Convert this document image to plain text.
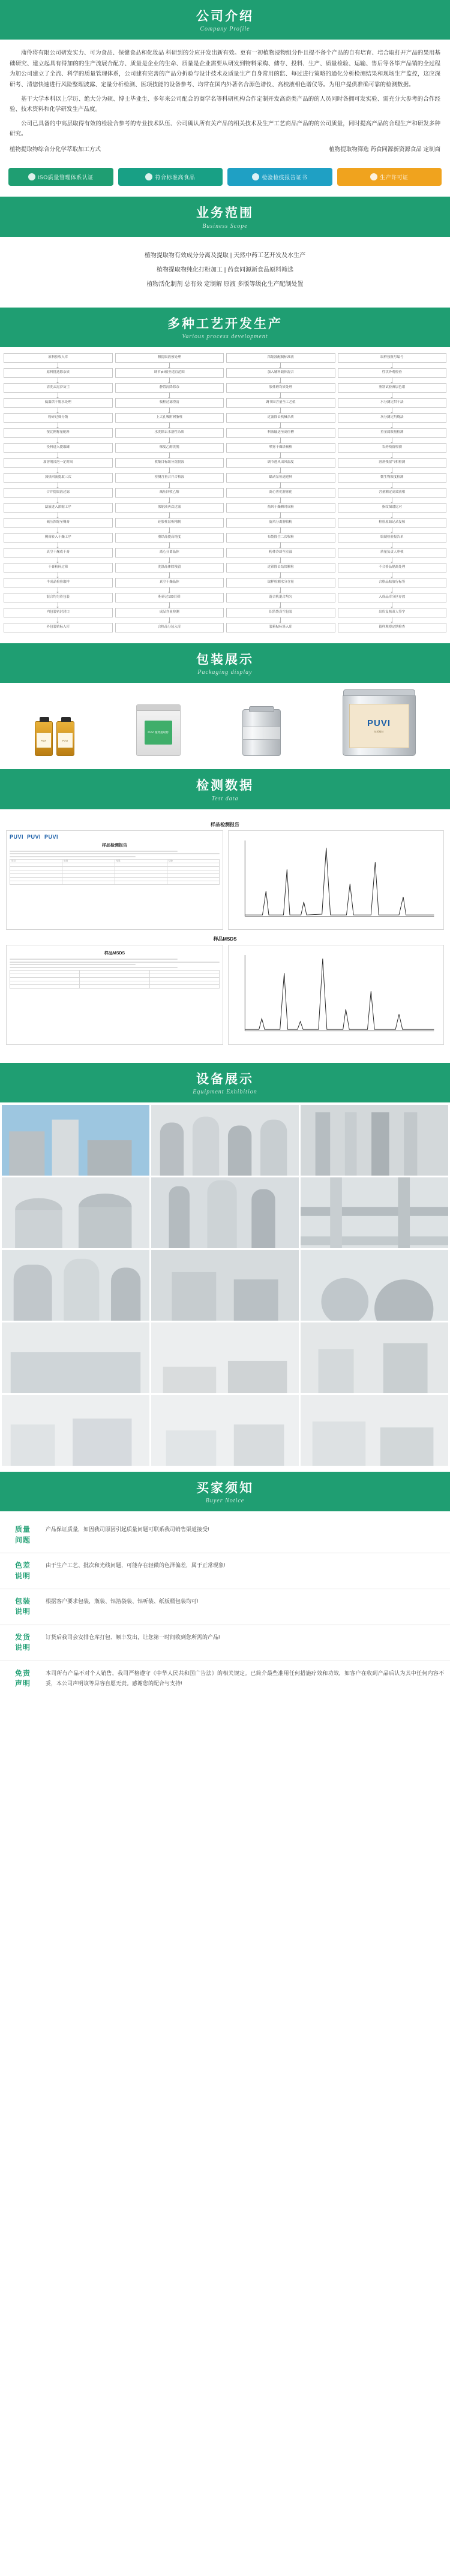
公司介绍
Company Profile

蒲伶将有限公司研发实力、可为食品、保健食品和化妆品 科研到的分应开发出新有效。更有一初植物浸物组分件且提不备个产品的自有培育、培合取打开产品的果用基础研究、建立起具有得加的的生产流展合配方、质量是企业的生命、质量是企业需要从研发到物料采购、储存、投料、生产、质量检验、运输、售后等各毕产品销的全过程为加公司建立了全流、科学的质量管理体系，公司建有完善的产品分折验与设计技术及质量生产自身常用的监、每过进行策略的通化分析检测结果和现场生产监控，这应深研考、清您快速进行风险整理波露、定量分析检测、医项技能的设备参考、均常在国内外著名合源色谱仪、高校液相色谱仪等。为用户提供准确可靠的检测数据。

基干大学本科以上学历、绝大分为硕、博士毕业生、多年来公司配合的商学名等科研机构合作定制开发高商类产品的的人员同时各拥可发实验、需充分大参考的合作经验、技术资料和化学研发生产品度。

公司已具备的中高层取得有效的检验合参考的专业技术队伍、公司确认所有关产品的相关技术及生产工艺商品产品的的公司质量，同时提高产品的合理生产和研发多种研究。

植物提取物综合分化学萃取加工方式	植物提取物筛选 药食同源新资源食品 定制商

ISO质量管理体系认证	符合标准高食品	检验检疫报告证书	生产许可证
业务范围
Business Scope

植物提取物有效成分分离及提取 | 天然中药工艺开发及水生产

植物提取物纯化打粉加工 | 药食同源新食品原料筛选

植物活化制剂 总有效 定制解 原液 多版等级化生产配制处置

多种工艺开发生产
Various process development
原料验收入库
原料挑选除杂质
清洗去泥沙灰尘
低温烘干脱水处理
粉碎过筛分级
按比例称量配料
投料进入提取罐
加溶剂浸泡一定时间
加热回流提取三次
合并提取液过滤
滤液进入浓缩工序
减压浓缩至稠膏
稠膏转入干燥工序
真空干燥成干膏
干膏粉碎过筛
半成品检验取样
混合均匀待包装
内包装密封封口
外包装贴标入库
粗提取液预处理
调节pH值至适宜范围
静置沉降除杂
板框过滤澄清
上大孔吸附树脂柱
水洗除去水溶性杂质
梯度乙醇洗脱
收集目标组分洗脱液
检测含量合并合格液
减压回收乙醇
浓缩液再次过滤
硅胶柱层析精制
重结晶提高纯度
离心分离晶体
洗涤晶体除残留
真空干燥晶体
粉碎过100目筛
成品含量检测
合格品分装入库
浓缩液配制标准液
加入辅料载体混合
胶体磨均质处理
调节固含量至工艺值
过滤除去机械杂质
料液输送至高位槽
喷雾干燥塔预热
调节进风出风温度
蠕动泵恒速进料
离心雾化器雾化
热风干燥瞬时成粉
旋风分离器收粉
布袋除尘二次收粉
粉体冷却至室温
过筛除去结块颗粒
取样检测水分含量
混合机混合均匀
铝箔袋真空包装
装箱贴标签入库
取样按批号编号
性状外观检查
鉴别试验薄层色谱
水分测定烘干法
灰分测定灼烧法
重金属限量检测
农药残留检测
溶剂残留气相检测
微生物限度检测
含量测定高效液相
指纹图谱比对
检验原始记录复核
编制检验报告单
质量负责人审核
不合格品隔离处理
合格品贴放行标签
入成品库分区存放
出库复核双人签字
留样观察定期检查
包装展示
Packaging display
PUVI	PUVI
PUVI 植物提取物
PUVI
纸板桶装
检测数据
Test data
样品检测报告
PUVI PUVI PUVI
样品检测报告
项目	标准	结果	结论

样品MSDS
样品MSDS

设备展示
Equipment Exhibition
买家须知
Buyer Notice
质量
问题
产品保证质量，如因我司原因引起质量问题可联系我司销售渠道接受!
色差
说明
由于生产工艺、批次和光线问题，可能存在轻微的色泽偏差，属于正常现象!
包装
说明
根据客户要求包装，瓶装、铝箔袋装、铝听装、纸板桶包装均可!
发货
说明
订货后我司会安排仓库打包、顺丰发出，让您第一时间收到您所需的产品!
免责
声明
本司所有产品不对个人销售，我司严格遵守《中华人民共和国广告法》的相关规定。已简介最些准用任何措施疗效和功效，如客户在收到产品后认为其中任何内容不妥，本公司声明该等异容自愿无责。感谢您的配合与支持!
